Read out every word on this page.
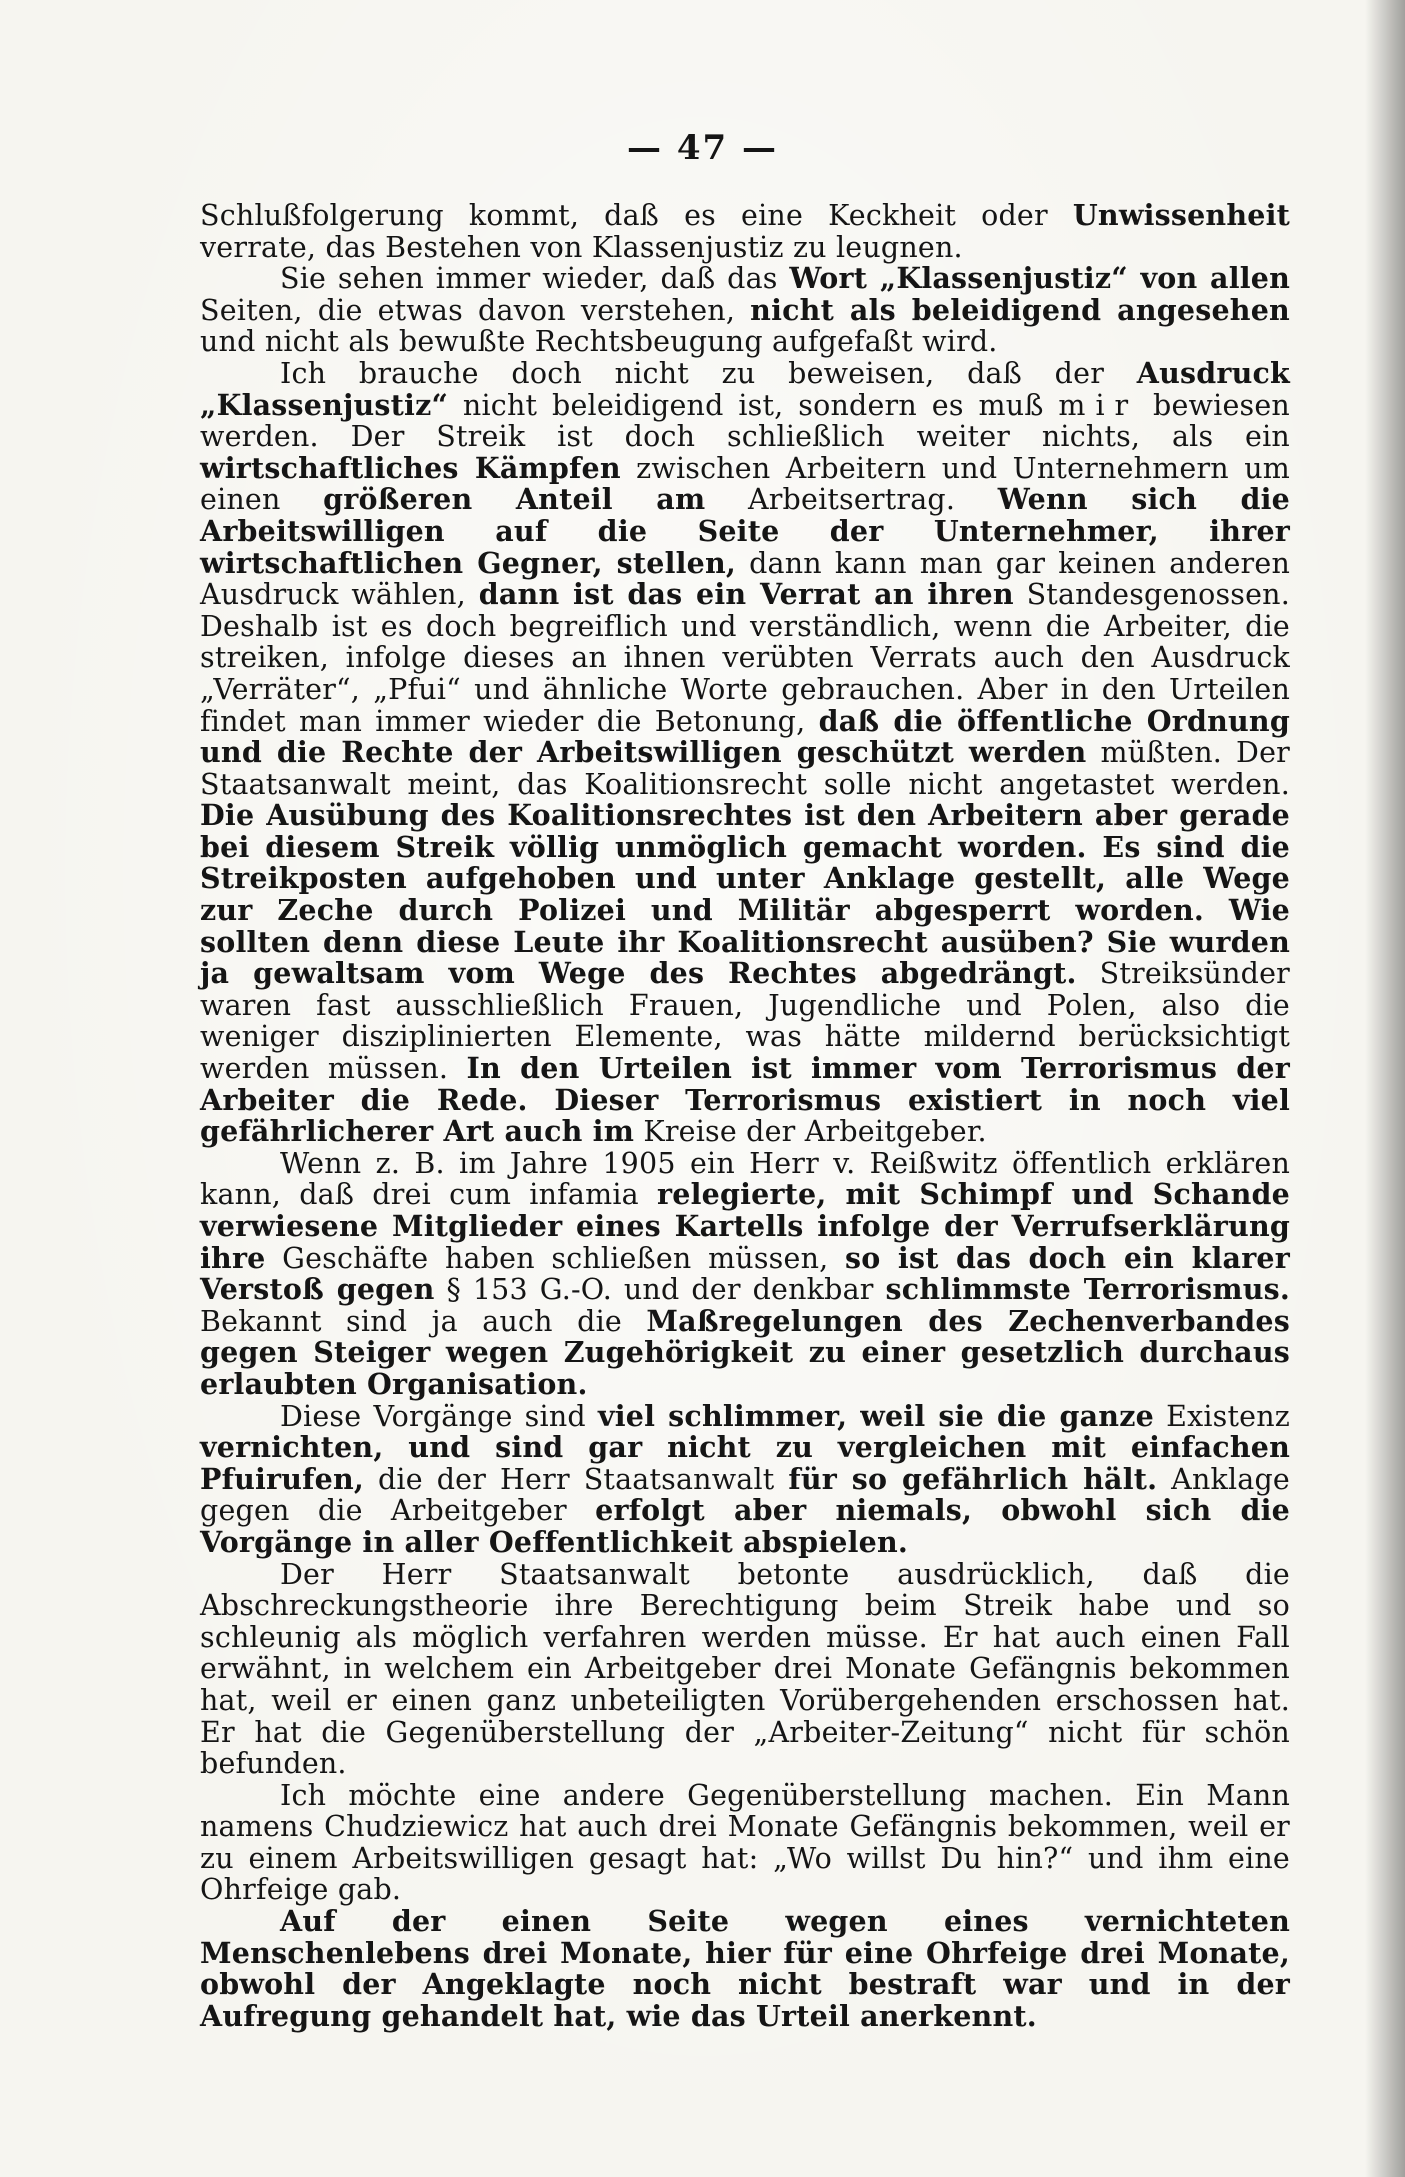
— 47 —

Schlußfolgerung kommt, daß es eine Keckheit oder Unwissenheit verrate, das Bestehen von Klassenjustiz zu leugnen.

Sie sehen immer wieder, daß das Wort „Klassenjustiz“ von allen Seiten, die etwas davon verstehen, nicht als beleidigend angesehen und nicht als bewußte Rechtsbeugung aufgefaßt wird.

Ich brauche doch nicht zu beweisen, daß der Ausdruck „Klassenjustiz“ nicht beleidigend ist, sondern es muß mir bewiesen werden. Der Streik ist doch schließlich weiter nichts, als ein wirtschaftliches Kämpfen zwischen Arbeitern und Unternehmern um einen größeren Anteil am Arbeitsertrag. Wenn sich die Arbeitswilligen auf die Seite der Unternehmer, ihrer wirtschaftlichen Gegner, stellen, dann kann man gar keinen anderen Ausdruck wählen, dann ist das ein Verrat an ihren Standesgenossen. Deshalb ist es doch begreiflich und verständlich, wenn die Arbeiter, die streiken, infolge dieses an ihnen verübten Verrats auch den Ausdruck „Verräter“, „Pfui“ und ähnliche Worte gebrauchen. Aber in den Urteilen findet man immer wieder die Betonung, daß die öffentliche Ordnung und die Rechte der Arbeitswilligen geschützt werden müßten. Der Staatsanwalt meint, das Koalitionsrecht solle nicht angetastet werden. Die Ausübung des Koalitionsrechtes ist den Arbeitern aber gerade bei diesem Streik völlig unmöglich gemacht worden. Es sind die Streikposten aufgehoben und unter Anklage gestellt, alle Wege zur Zeche durch Polizei und Militär abgesperrt worden. Wie sollten denn diese Leute ihr Koalitionsrecht ausüben? Sie wurden ja gewaltsam vom Wege des Rechtes abgedrängt. Streiksünder waren fast ausschließlich Frauen, Jugendliche und Polen, also die weniger disziplinierten Elemente, was hätte mildernd berücksichtigt werden müssen. In den Urteilen ist immer vom Terrorismus der Arbeiter die Rede. Dieser Terrorismus existiert in noch viel gefährlicherer Art auch im Kreise der Arbeitgeber.

Wenn z. B. im Jahre 1905 ein Herr v. Reißwitz öffentlich erklären kann, daß drei cum infamia relegierte, mit Schimpf und Schande verwiesene Mitglieder eines Kartells infolge der Verrufserklärung ihre Geschäfte haben schließen müssen, so ist das doch ein klarer Verstoß gegen § 153 G.-O. und der denkbar schlimmste Terrorismus. Bekannt sind ja auch die Maßregelungen des Zechenverbandes gegen Steiger wegen Zugehörigkeit zu einer gesetzlich durchaus erlaubten Organisation.

Diese Vorgänge sind viel schlimmer, weil sie die ganze Existenz vernichten, und sind gar nicht zu vergleichen mit einfachen Pfuirufen, die der Herr Staatsanwalt für so gefährlich hält. Anklage gegen die Arbeitgeber erfolgt aber niemals, obwohl sich die Vorgänge in aller Oeffentlichkeit abspielen.

Der Herr Staatsanwalt betonte ausdrücklich, daß die Abschreckungstheorie ihre Berechtigung beim Streik habe und so schleunig als möglich verfahren werden müsse. Er hat auch einen Fall erwähnt, in welchem ein Arbeitgeber drei Monate Gefängnis bekommen hat, weil er einen ganz unbeteiligten Vorübergehenden erschossen hat. Er hat die Gegenüberstellung der „Arbeiter-Zeitung“ nicht für schön befunden.

Ich möchte eine andere Gegenüberstellung machen. Ein Mann namens Chudziewicz hat auch drei Monate Gefängnis bekommen, weil er zu einem Arbeitswilligen gesagt hat: „Wo willst Du hin?“ und ihm eine Ohrfeige gab.

Auf der einen Seite wegen eines vernichteten Menschenlebens drei Monate, hier für eine Ohrfeige drei Monate, obwohl der Angeklagte noch nicht bestraft war und in der Aufregung gehandelt hat, wie das Urteil anerkennt.
